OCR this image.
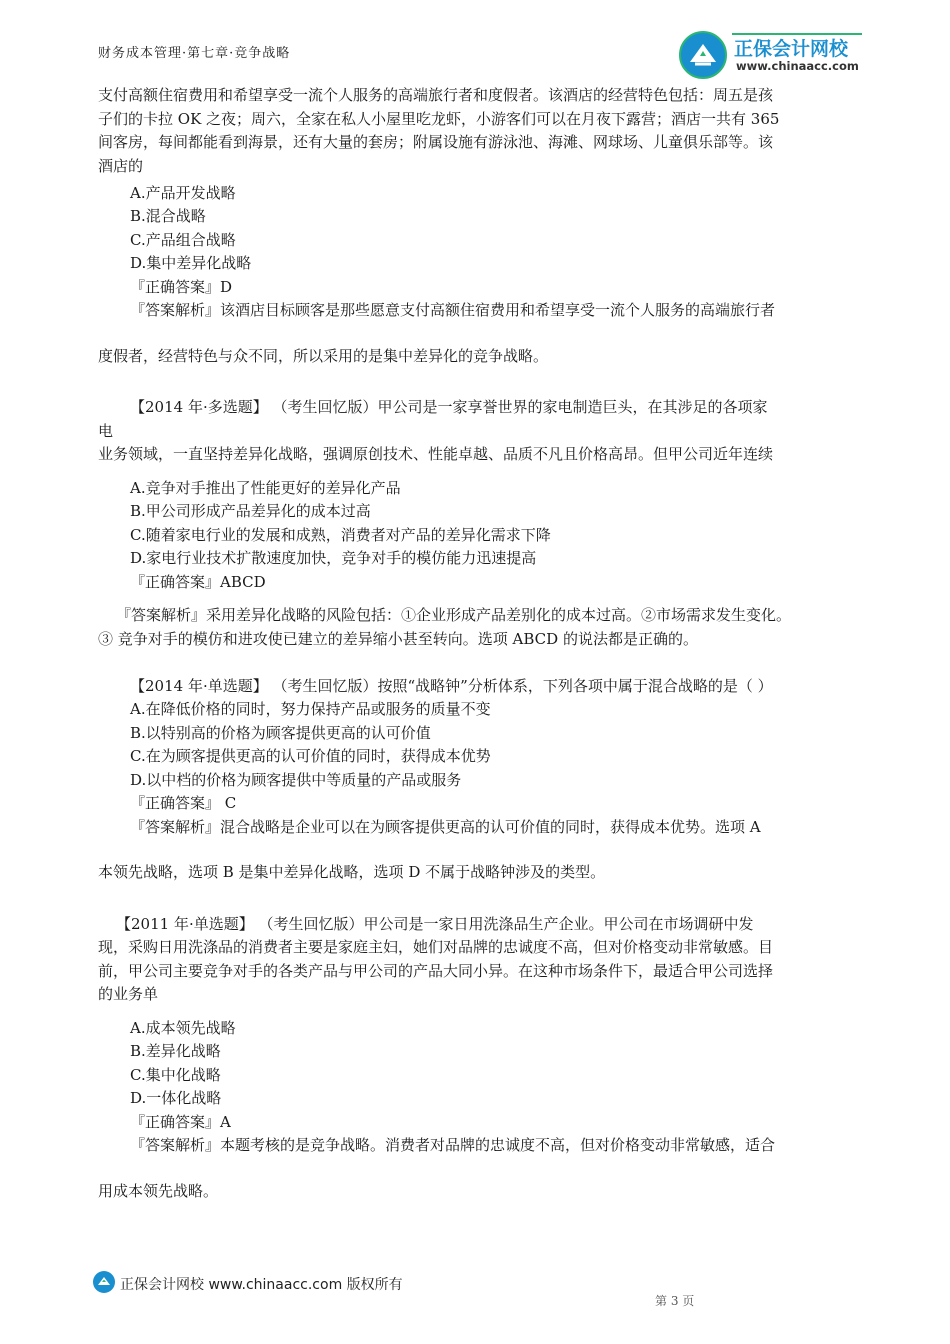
财务成本管理·第七章·竞争战略	正保会计网校
www.chinaacc.com

支付高额住宿费用和希望享受一流个人服务的高端旅行者和度假者。该酒店的经营特色包括：周五是孩

子们的卡拉 OK 之夜；周六，全家在私人小屋里吃龙虾，小游客们可以在月夜下露营；酒店一共有 365

间客房，每间都能看到海景，还有大量的套房；附属设施有游泳池、海滩、网球场、儿童俱乐部等。该

酒店的

A.产品开发战略

B.混合战略

C.产品组合战略

D.集中差异化战略

『正确答案』D

『答案解析』该酒店目标顾客是那些愿意支付高额住宿费用和希望享受一流个人服务的高端旅行者

度假者，经营特色与众不同，所以采用的是集中差异化的竞争战略。

【2014 年·多选题】 （考生回忆版）甲公司是一家享誉世界的家电制造巨头，在其涉足的各项家

电

业务领域，一直坚持差异化战略，强调原创技术、性能卓越、品质不凡且价格高昂。但甲公司近年连续

A.竞争对手推出了性能更好的差异化产品

B.甲公司形成产品差异化的成本过高

C.随着家电行业的发展和成熟，消费者对产品的差异化需求下降

D.家电行业技术扩散速度加快，竞争对手的模仿能力迅速提高

『正确答案』ABCD

『答案解析』采用差异化战略的风险包括：①企业形成产品差别化的成本过高。②市场需求发生变化。

③ 竞争对手的模仿和进攻使已建立的差异缩小甚至转向。选项 ABCD 的说法都是正确的。

【2014 年·单选题】 （考生回忆版）按照“战略钟”分析体系，下列各项中属于混合战略的是（ ）

A.在降低价格的同时，努力保持产品或服务的质量不变

B.以特别高的价格为顾客提供更高的认可价值

C.在为顾客提供更高的认可价值的同时，获得成本优势

D.以中档的价格为顾客提供中等质量的产品或服务

『正确答案』 C

『答案解析』混合战略是企业可以在为顾客提供更高的认可价值的同时，获得成本优势。选项 A

本领先战略，选项 B 是集中差异化战略，选项 D 不属于战略钟涉及的类型。

【2011 年·单选题】 （考生回忆版）甲公司是一家日用洗涤品生产企业。甲公司在市场调研中发

现，采购日用洗涤品的消费者主要是家庭主妇，她们对品牌的忠诚度不高，但对价格变动非常敏感。目

前，甲公司主要竞争对手的各类产品与甲公司的产品大同小异。在这种市场条件下，最适合甲公司选择

的业务单

A.成本领先战略

B.差异化战略

C.集中化战略

D.一体化战略

『正确答案』A

『答案解析』本题考核的是竞争战略。消费者对品牌的忠诚度不高，但对价格变动非常敏感，适合

用成本领先战略。

正保会计网校 www.chinaacc.com 版权所有
第 3 页
